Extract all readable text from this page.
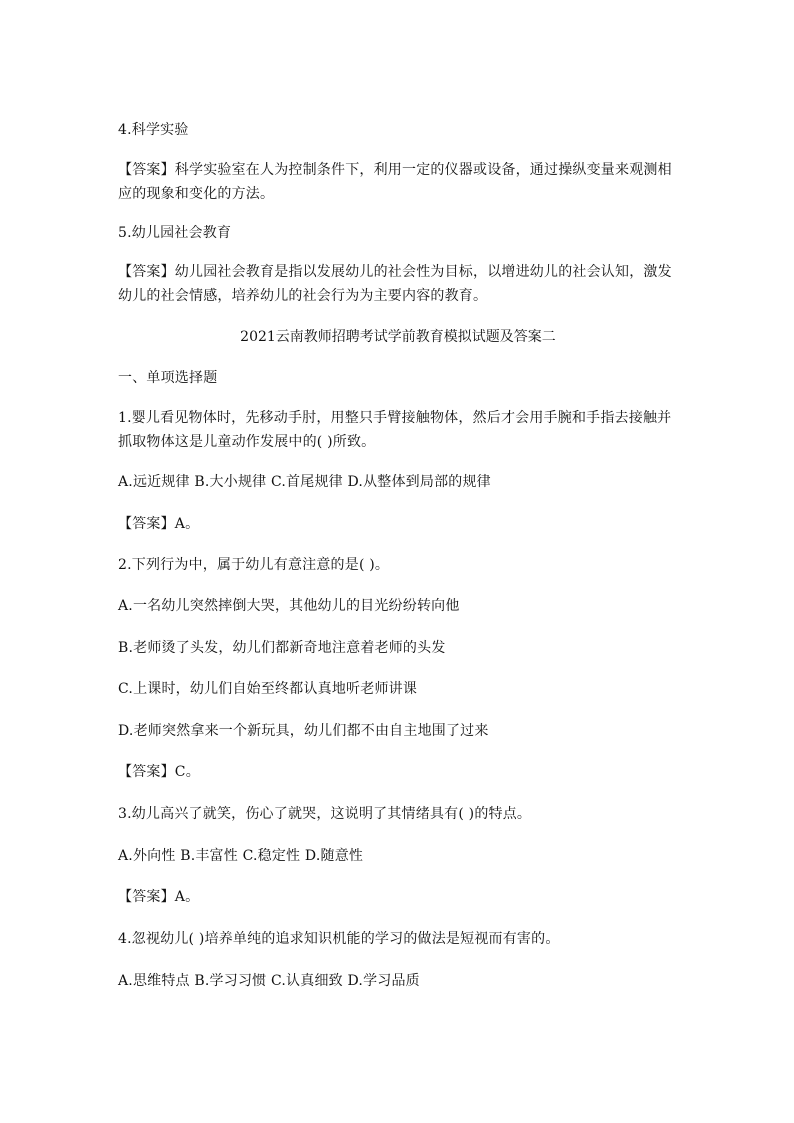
4.科学实验
【答案】科学实验室在人为控制条件下，利用一定的仪器或设备，通过操纵变量来观测相应的现象和变化的方法。
5.幼儿园社会教育
【答案】幼儿园社会教育是指以发展幼儿的社会性为目标，以增进幼儿的社会认知，激发幼儿的社会情感，培养幼儿的社会行为为主要内容的教育。
2021云南教师招聘考试学前教育模拟试题及答案二
一、单项选择题
1.婴儿看见物体时，先移动手肘，用整只手臂接触物体，然后才会用手腕和手指去接触并抓取物体这是儿童动作发展中的( )所致。
A.远近规律 B.大小规律 C.首尾规律 D.从整体到局部的规律
【答案】A。
2.下列行为中，属于幼儿有意注意的是( )。
A.一名幼儿突然摔倒大哭，其他幼儿的目光纷纷转向他
B.老师烫了头发，幼儿们都新奇地注意着老师的头发
C.上课时，幼儿们自始至终都认真地听老师讲课
D.老师突然拿来一个新玩具，幼儿们都不由自主地围了过来
【答案】C。
3.幼儿高兴了就笑，伤心了就哭，这说明了其情绪具有( )的特点。
A.外向性 B.丰富性 C.稳定性 D.随意性
【答案】A。
4.忽视幼儿( )培养单纯的追求知识机能的学习的做法是短视而有害的。
A.思维特点 B.学习习惯 C.认真细致 D.学习品质
